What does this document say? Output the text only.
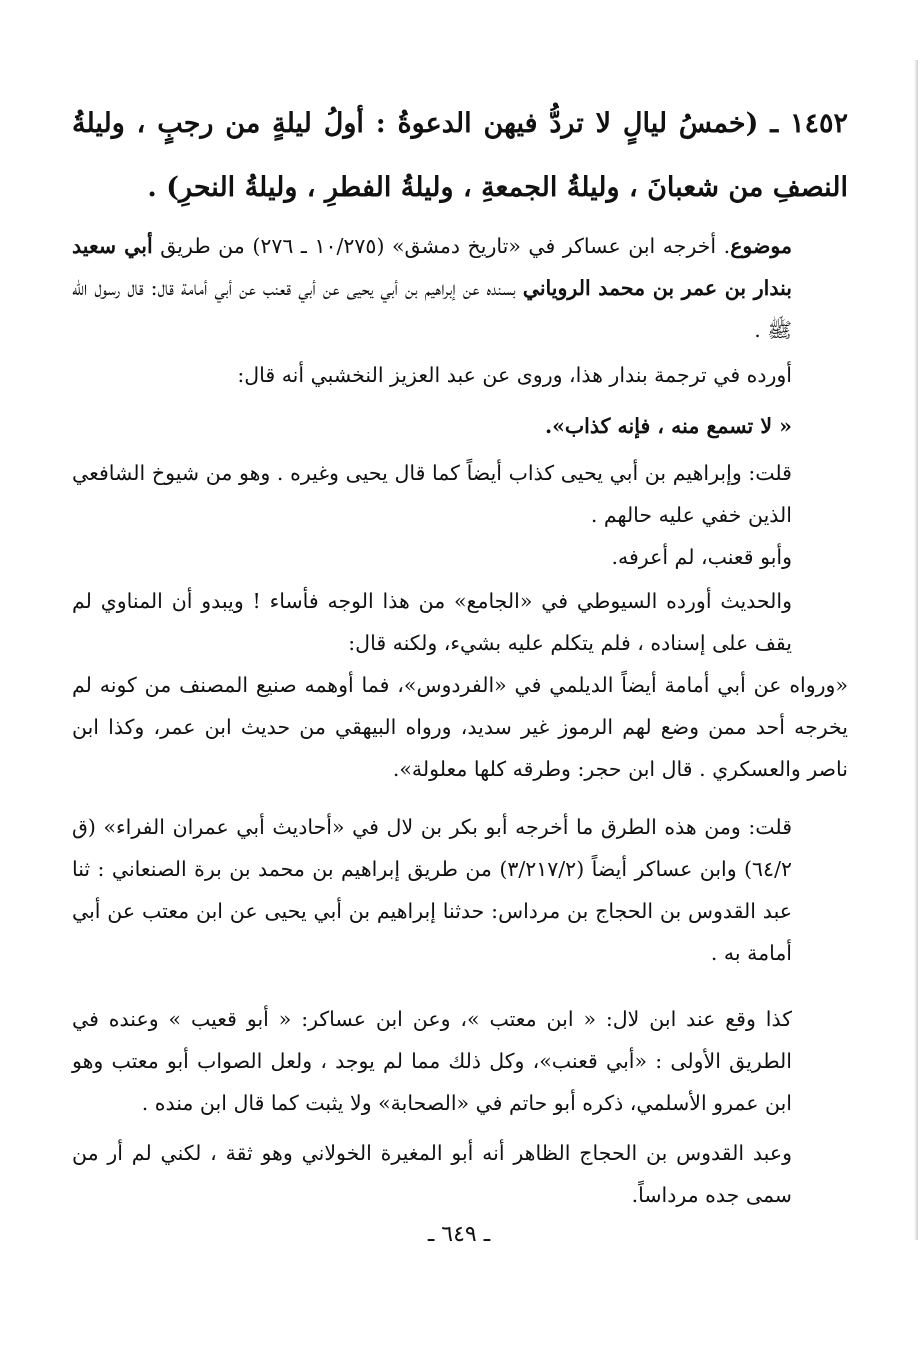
١٤٥٢ ـ (خمسُ ليالٍ لا تردُّ فيهن الدعوةُ : أولُ ليلةٍ من رجبٍ ، وليلةُ النصفِ من شعبانَ ، وليلةُ الجمعةِ ، وليلةُ الفطرِ ، وليلةُ النحرِ) .

موضوع. أخرجه ابن عساكر في «تاريخ دمشق» (١٠/٢٧٥ ـ ٢٧٦) من طريق أبي سعيد بندار بن عمر بن محمد الروياني بسنده عن إبراهيم بن أبي يحيى عن أبي قعنب عن أبي أمامة قال: قال رسول الله ﷺ .

أورده في ترجمة بندار هذا، وروى عن عبد العزيز النخشبي أنه قال:

« لا تسمع منه ، فإنه كذاب».

قلت: وإبراهيم بن أبي يحيى كذاب أيضاً كما قال يحيى وغيره . وهو من شيوخ الشافعي الذين خفي عليه حالهم .

وأبو قعنب، لم أعرفه.

والحديث أورده السيوطي في «الجامع» من هذا الوجه فأساء ! ويبدو أن المناوي لم يقف على إسناده ، فلم يتكلم عليه بشيء، ولكنه قال:

«ورواه عن أبي أمامة أيضاً الديلمي في «الفردوس»، فما أوهمه صنيع المصنف من كونه لم يخرجه أحد ممن وضع لهم الرموز غير سديد، ورواه البيهقي من حديث ابن عمر، وكذا ابن ناصر والعسكري . قال ابن حجر: وطرقه كلها معلولة».

قلت: ومن هذه الطرق ما أخرجه أبو بكر بن لال في «أحاديث أبي عمران الفراء» (ق ٦٤/٢) وابن عساكر أيضاً (٣/٢١٧/٢) من طريق إبراهيم بن محمد بن برة الصنعاني : ثنا عبد القدوس بن الحجاج بن مرداس: حدثنا إبراهيم بن أبي يحيى عن ابن معتب عن أبي أمامة به .

كذا وقع عند ابن لال: « ابن معتب »، وعن ابن عساكر: « أبو قعيب » وعنده في الطريق الأولى : «أبي قعنب»، وكل ذلك مما لم يوجد ، ولعل الصواب أبو معتب وهو ابن عمرو الأسلمي، ذكره أبو حاتم في «الصحابة» ولا يثبت كما قال ابن منده .

وعبد القدوس بن الحجاج الظاهر أنه أبو المغيرة الخولاني وهو ثقة ، لكني لم أر من سمى جده مرداساً.

ـ ٦٤٩ ـ
